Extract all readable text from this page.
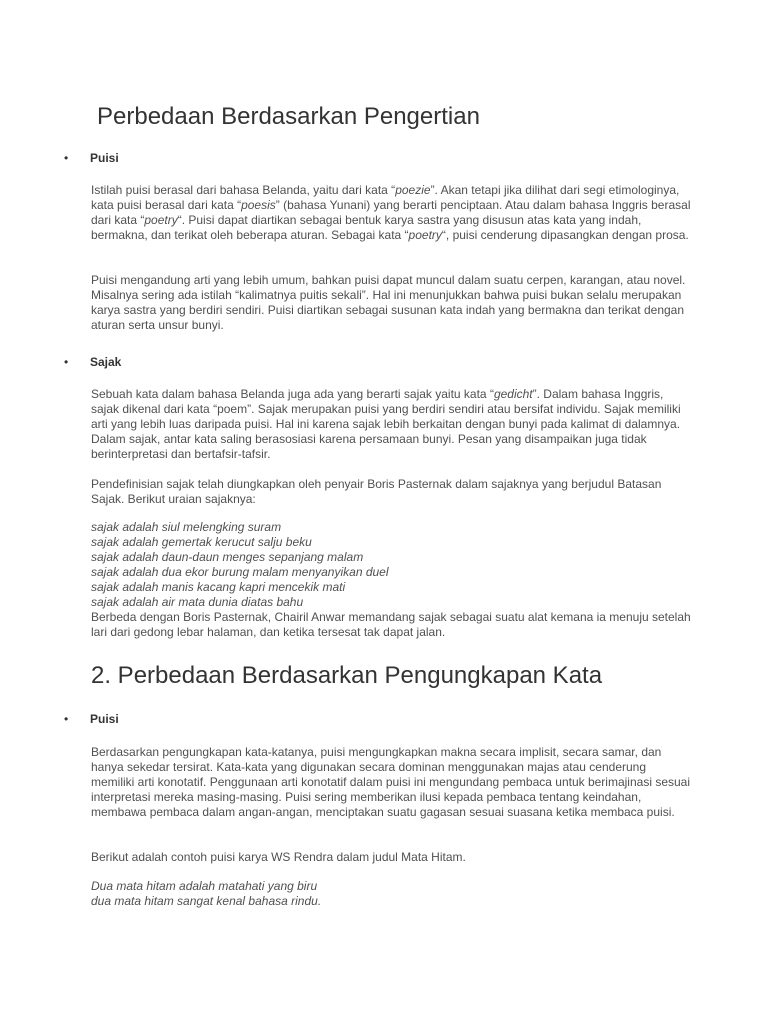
Perbedaan Berdasarkan Pengertian
• Puisi

Istilah puisi berasal dari bahasa Belanda, yaitu dari kata “poezie”. Akan tetapi jika dilihat dari segi etimologinya, kata puisi berasal dari kata “poesis” (bahasa Yunani) yang berarti penciptaan. Atau dalam bahasa Inggris berasal dari kata “poetry“. Puisi dapat diartikan sebagai bentuk karya sastra yang disusun atas kata yang indah, bermakna, dan terikat oleh beberapa aturan. Sebagai kata “poetry“, puisi cenderung dipasangkan dengan prosa.

Puisi mengandung arti yang lebih umum, bahkan puisi dapat muncul dalam suatu cerpen, karangan, atau novel. Misalnya sering ada istilah “kalimatnya puitis sekali”. Hal ini menunjukkan bahwa puisi bukan selalu merupakan karya sastra yang berdiri sendiri. Puisi diartikan sebagai susunan kata indah yang bermakna dan terikat dengan aturan serta unsur bunyi.

• Sajak

Sebuah kata dalam bahasa Belanda juga ada yang berarti sajak yaitu kata “gedicht”. Dalam bahasa Inggris, sajak dikenal dari kata “poem”. Sajak merupakan puisi yang berdiri sendiri atau bersifat individu. Sajak memiliki arti yang lebih luas daripada puisi. Hal ini karena sajak lebih berkaitan dengan bunyi pada kalimat di dalamnya. Dalam sajak, antar kata saling berasosiasi karena persamaan bunyi. Pesan yang disampaikan juga tidak berinterpretasi dan bertafsir-tafsir.

Pendefinisian sajak telah diungkapkan oleh penyair Boris Pasternak dalam sajaknya yang berjudul Batasan Sajak. Berikut uraian sajaknya:

sajak adalah siul melengking suram
sajak adalah gemertak kerucut salju beku
sajak adalah daun-daun menges sepanjang malam
sajak adalah dua ekor burung malam menyanyikan duel
sajak adalah manis kacang kapri mencekik mati
sajak adalah air mata dunia diatas bahu

Berbeda dengan Boris Pasternak, Chairil Anwar memandang sajak sebagai suatu alat kemana ia menuju setelah lari dari gedong lebar halaman, dan ketika tersesat tak dapat jalan.

2. Perbedaan Berdasarkan Pengungkapan Kata
• Puisi

Berdasarkan pengungkapan kata-katanya, puisi mengungkapkan makna secara implisit, secara samar, dan hanya sekedar tersirat. Kata-kata yang digunakan secara dominan menggunakan majas atau cenderung memiliki arti konotatif. Penggunaan arti konotatif dalam puisi ini mengundang pembaca untuk berimajinasi sesuai interpretasi mereka masing-masing. Puisi sering memberikan ilusi kepada pembaca tentang keindahan, membawa pembaca dalam angan-angan, menciptakan suatu gagasan sesuai suasana ketika membaca puisi.

Berikut adalah contoh puisi karya WS Rendra dalam judul Mata Hitam.

Dua mata hitam adalah matahati yang biru
dua mata hitam sangat kenal bahasa rindu.
